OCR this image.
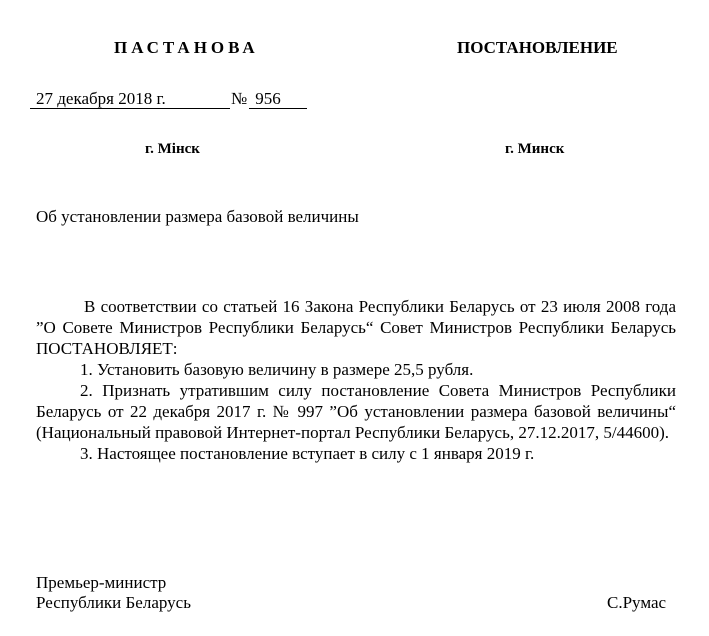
ПАСТАНОВА	ПОСТАНОВЛЕНИЕ
27 декабря 2018 г.	№ 956
г. Мінск	г. Минск
Об установлении размера базовой величины

В соответствии со статьей 16 Закона Республики Беларусь от 23 июля 2008 года ”О Совете Министров Республики Беларусь“ Совет Министров Республики Беларусь ПОСТАНОВЛЯЕТ:

1. Установить базовую величину в размере 25,5 рубля.

2. Признать утратившим силу постановление Совета Министров Республики Беларусь от 22 декабря 2017 г. № 997 ”Об установлении размера базовой величины“ (Национальный правовой Интернет-портал Республики Беларусь, 27.12.2017, 5/44600).

3. Настоящее постановление вступает в силу с 1 января 2019 г.

Премьер-министр
Республики Беларусь	С.Румас
